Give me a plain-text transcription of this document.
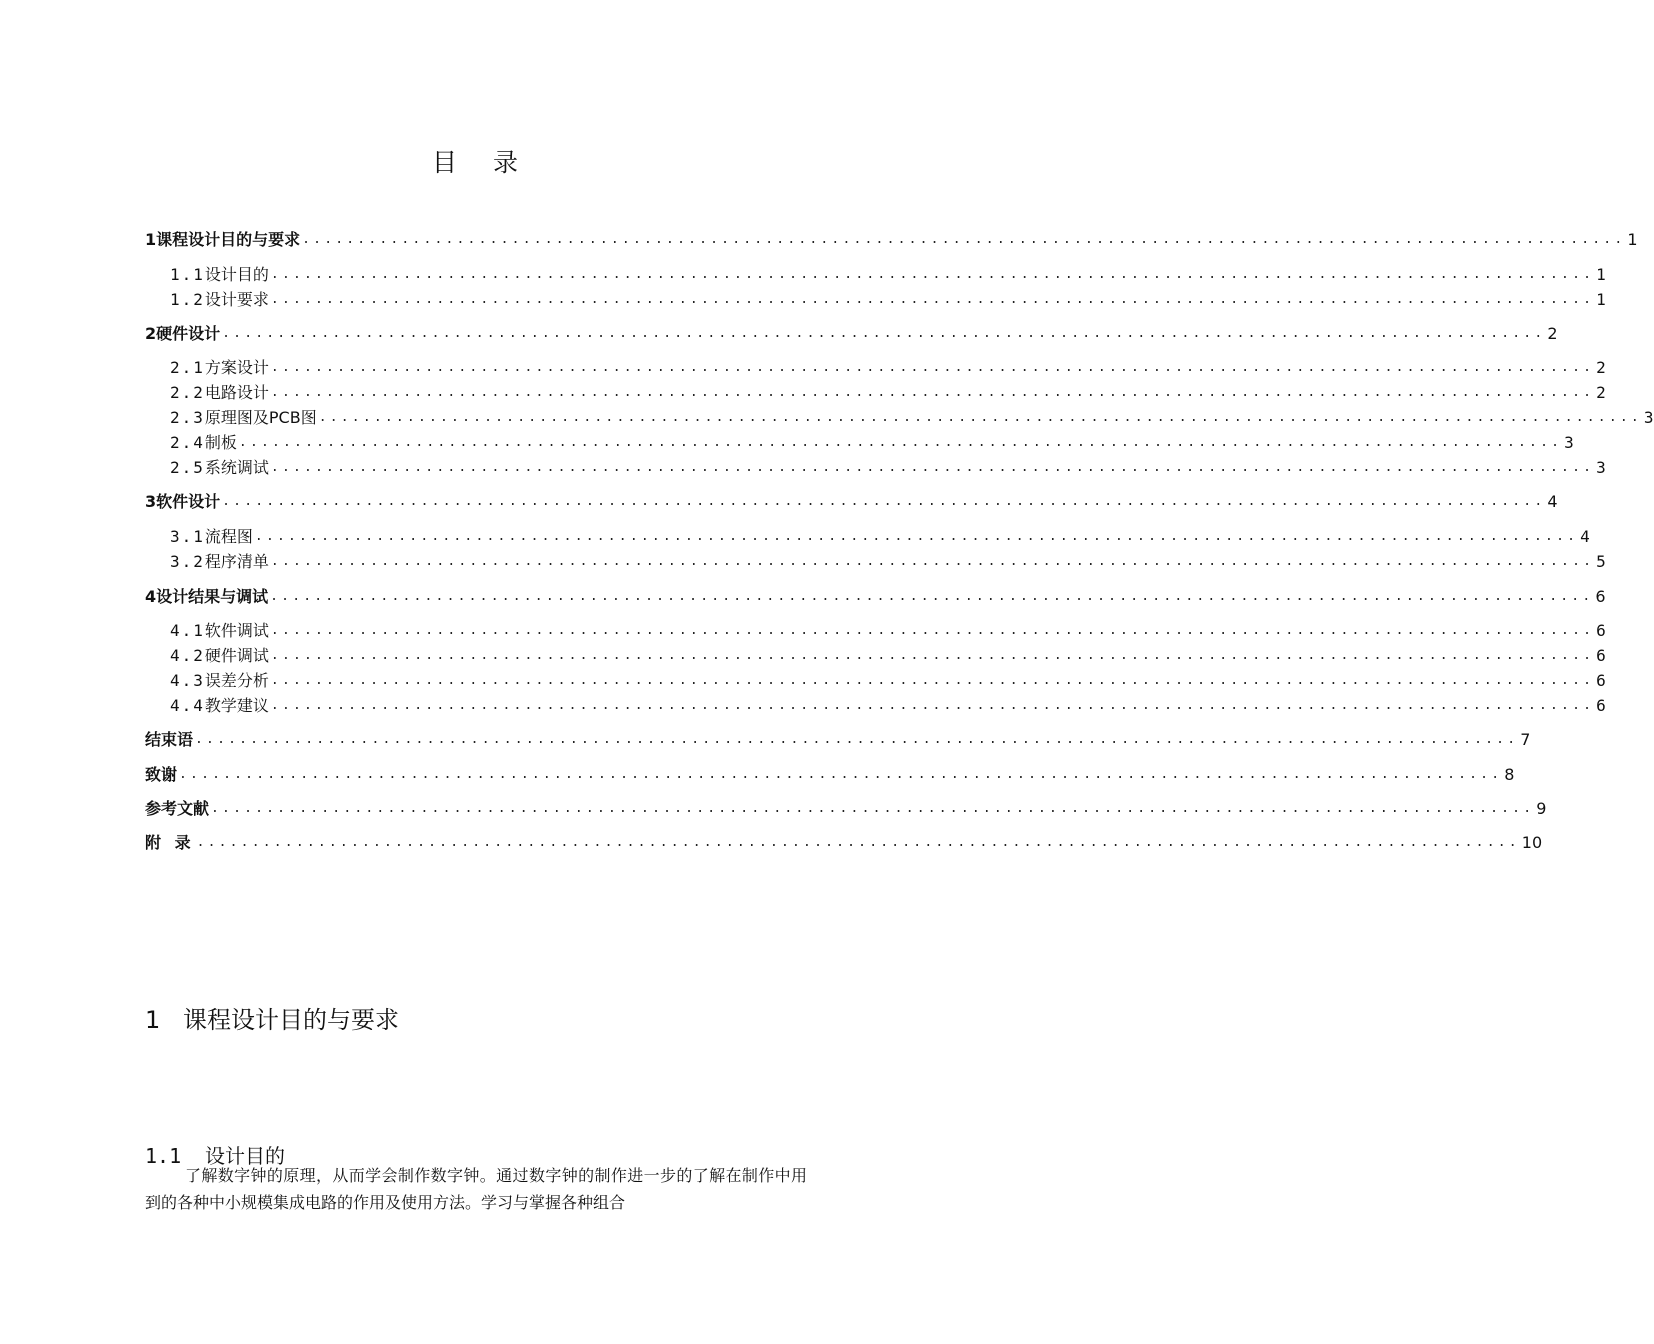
目 录
1 课程设计目的与要求 ........................................................................................................................ 1
1.1 设计目的 ........................................................................................................................ 1
1.2 设计要求 ........................................................................................................................ 1
2 硬件设计 ........................................................................................................................ 2
2.1 方案设计 ........................................................................................................................ 2
2.2 电路设计 ........................................................................................................................ 2
2.3 原理图及PCB图 ........................................................................................................................ 3
2.4 制板 ........................................................................................................................ 3
2.5 系统调试 ........................................................................................................................ 3
3 软件设计 ........................................................................................................................ 4
3.1 流程图 ........................................................................................................................ 4
3.2 程序清单 ........................................................................................................................ 5
4 设计结果与调试 ........................................................................................................................ 6
4.1 软件调试 ........................................................................................................................ 6
4.2 硬件调试 ........................................................................................................................ 6
4.3 误差分析 ........................................................................................................................ 6
4.4 教学建议 ........................................................................................................................ 6
结束语 ........................................................................................................................ 7
致谢 ........................................................................................................................ 8
参考文献 ........................................................................................................................ 9
附 录 ........................................................................................................................ 10
1 课程设计目的与要求
1.1 设计目的
了解数字钟的原理，从而学会制作数字钟。通过数字钟的制作进一步的了解在制作中用到的各种中小规模集成电路的作用及使用方法。学习与掌握各种组合
